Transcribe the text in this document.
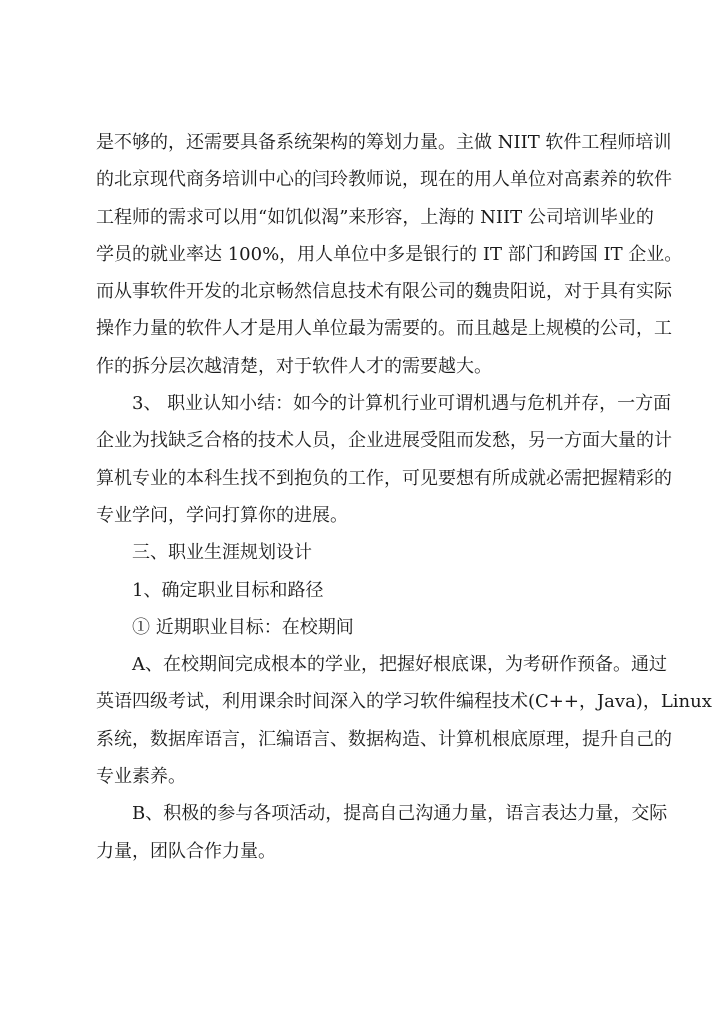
是不够的，还需要具备系统架构的筹划力量。主做 NIIT 软件工程师培训
的北京现代商务培训中心的闫玲教师说，现在的用人单位对高素养的软件
工程师的需求可以用“如饥似渴”来形容，上海的 NIIT 公司培训毕业的
学员的就业率达 100%，用人单位中多是银行的 IT 部门和跨国 IT 企业。
而从事软件开发的北京畅然信息技术有限公司的魏贵阳说，对于具有实际
操作力量的软件人才是用人单位最为需要的。而且越是上规模的公司，工
作的拆分层次越清楚，对于软件人才的需要越大。
3、 职业认知小结：如今的计算机行业可谓机遇与危机并存，一方面
企业为找缺乏合格的技术人员，企业进展受阻而发愁，另一方面大量的计
算机专业的本科生找不到抱负的工作，可见要想有所成就必需把握精彩的
专业学问，学问打算你的进展。
三、职业生涯规划设计
1、确定职业目标和路径
① 近期职业目标：在校期间
A、在校期间完成根本的学业，把握好根底课，为考研作预备。通过
英语四级考试，利用课余时间深入的学习软件编程技术(C++，Java)，Linux
系统，数据库语言，汇编语言、数据构造、计算机根底原理，提升自己的
专业素养。
B、积极的参与各项活动，提高自己沟通力量，语言表达力量，交际
力量，团队合作力量。
